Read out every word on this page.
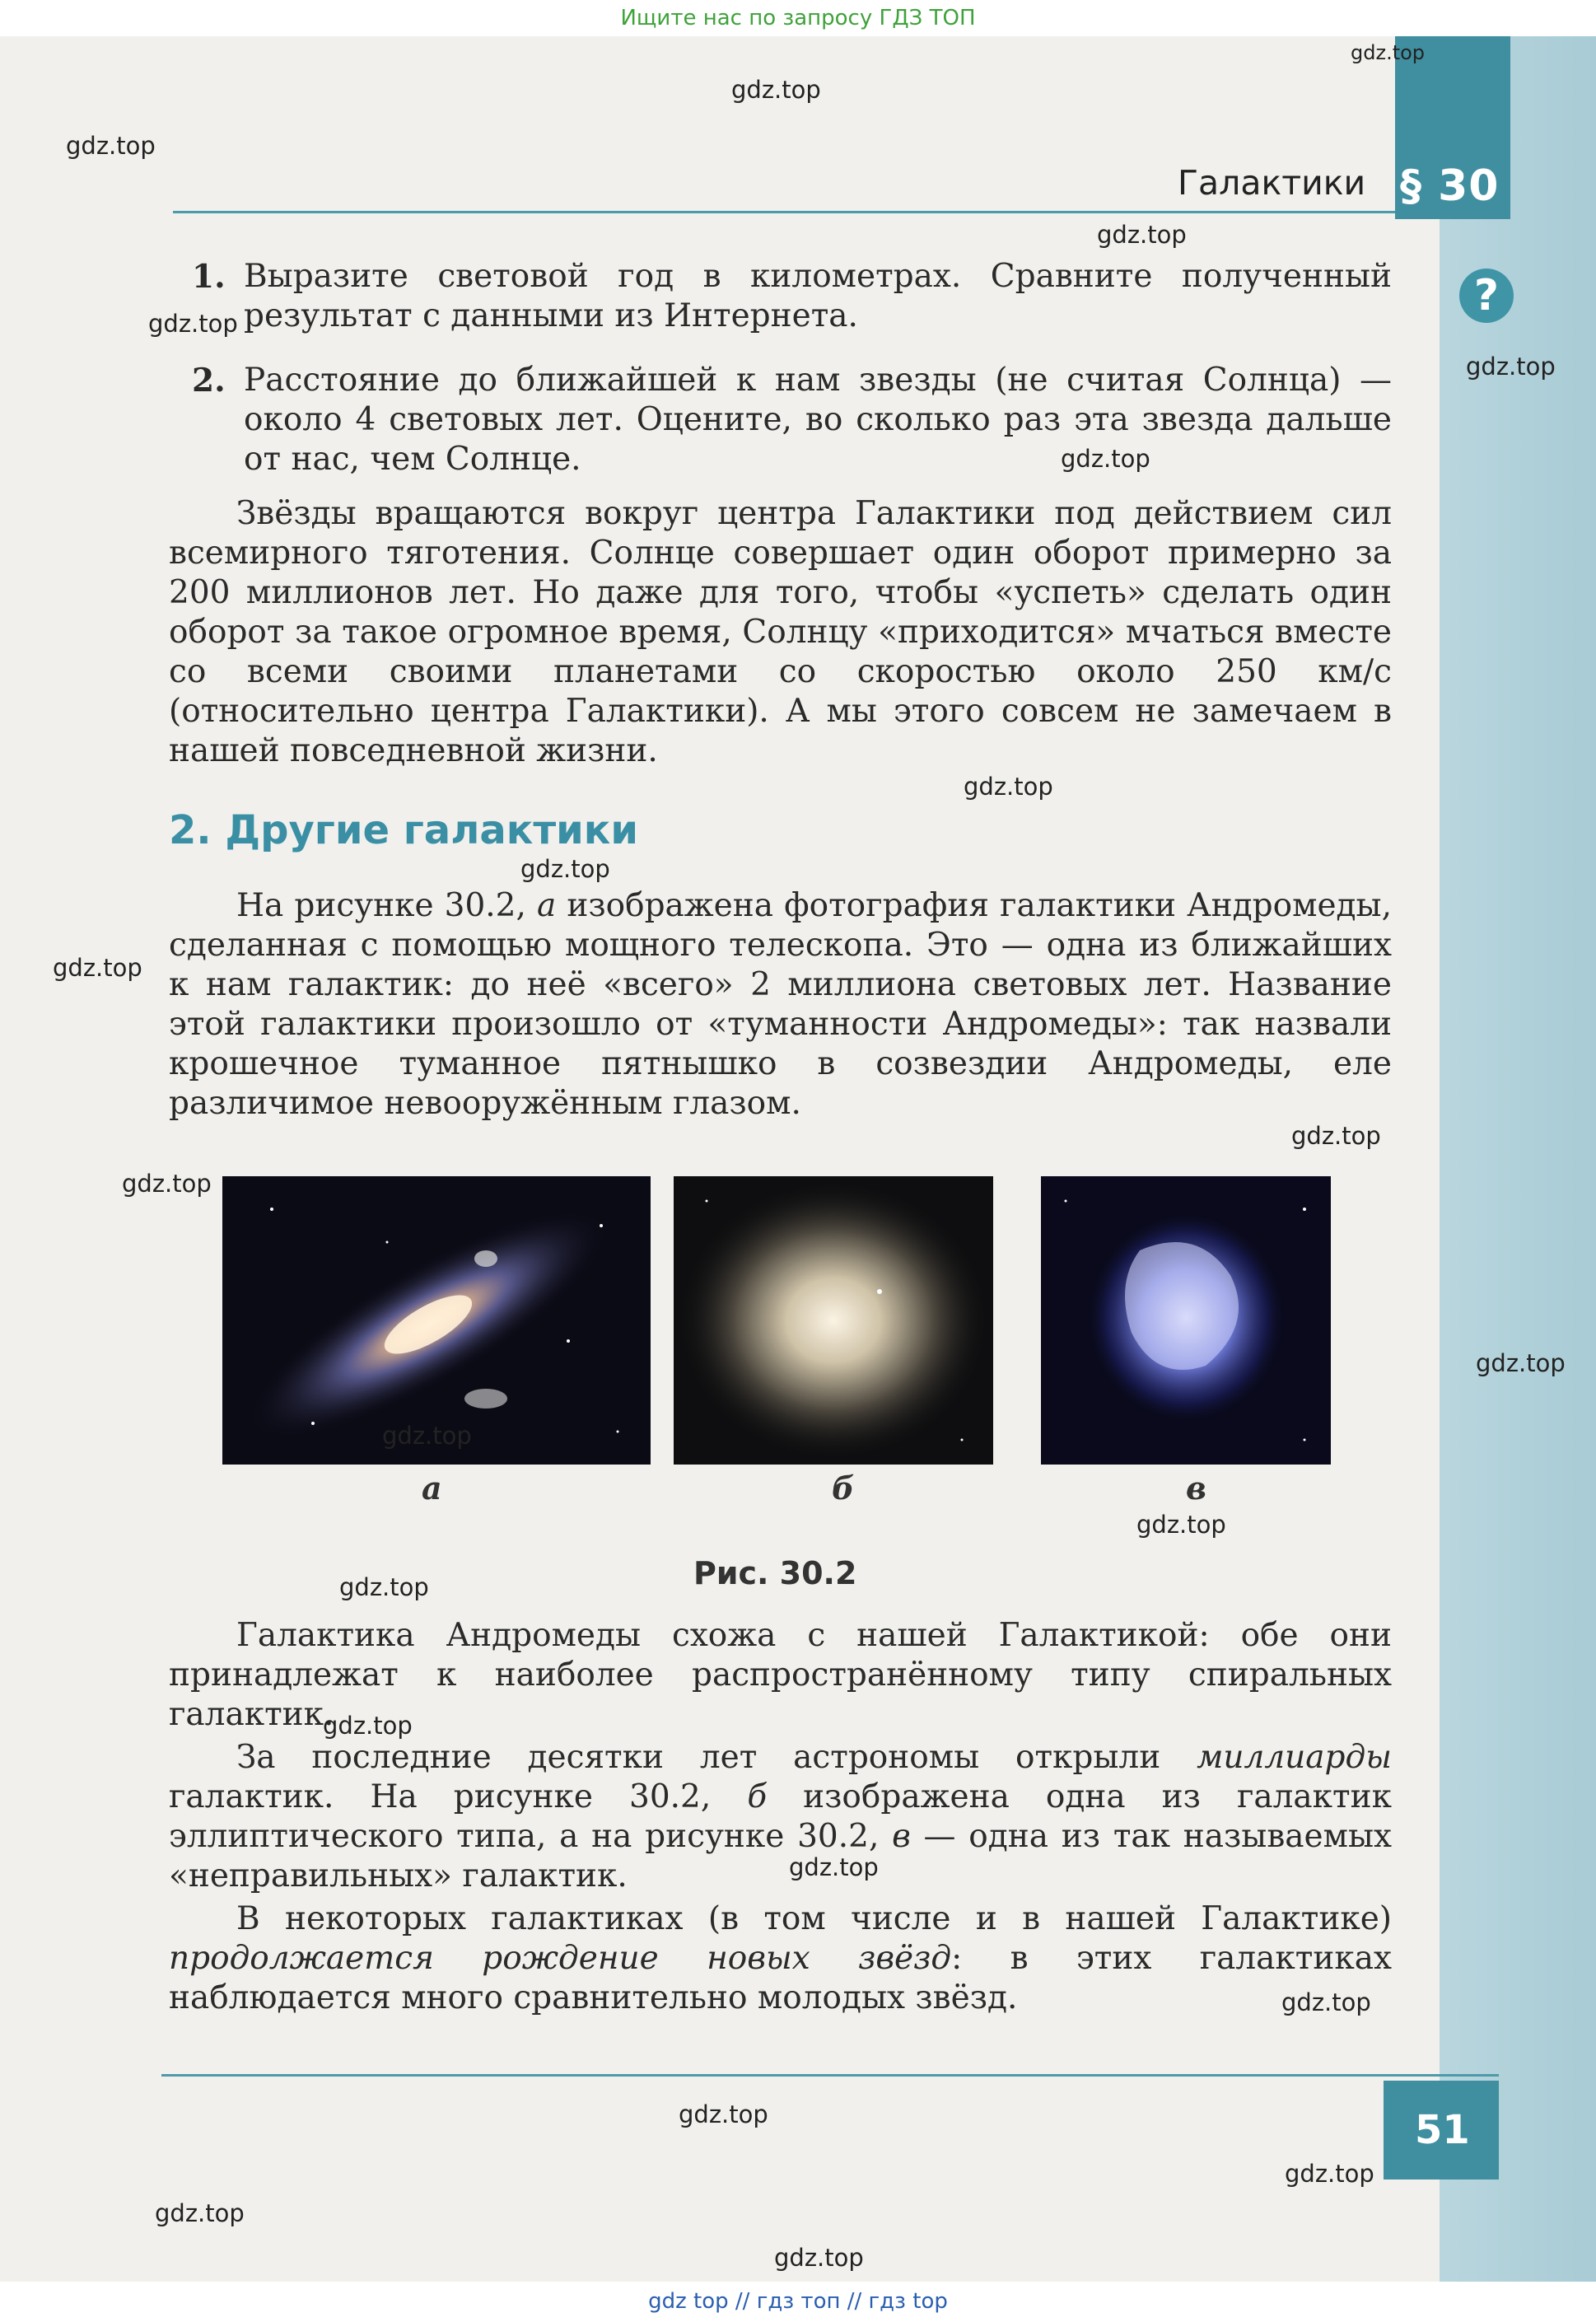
Ищите нас по запросу ГДЗ ТОП
§ 30
Галактики
?
1. Выразите световой год в километрах. Сравните полученный результат с данными из Интернета.
2. Расстояние до ближайшей к нам звезды (не считая Солнца) — около 4 световых лет. Оцените, во сколько раз эта звезда дальше от нас, чем Солнце.

Звёзды вращаются вокруг центра Галактики под действием сил всемирного тяготения. Солнце совершает один оборот примерно за 200 миллионов лет. Но даже для того, чтобы «успеть» сделать один оборот за такое огромное время, Солнцу «приходится» мчаться вместе со всеми своими планетами со скоростью около 250 км/с (относительно центра Галактики). А мы этого совсем не замечаем в нашей повседневной жизни.

2. Другие галактики

На рисунке 30.2, а изображена фотография галактики Андромеды, сделанная с помощью мощного телескопа. Это — одна из ближайших к нам галактик: до неё «всего» 2 миллиона световых лет. Название этой галактики произошло от «туманности Андромеды»: так назвали крошечное туманное пятнышко в созвездии Андромеды, еле различимое невооружённым глазом.

а	б	в
Рис. 30.2

Галактика Андромеды схожа с нашей Галактикой: обе они принадлежат к наиболее распространённому типу спиральных галактик.

За последние десятки лет астрономы открыли миллиарды галактик. На рисунке 30.2, б изображена одна из галактик эллиптического типа, а на рисунке 30.2, в — одна из так называемых «неправильных» галактик.

В некоторых галактиках (в том числе и в нашей Галактике) продолжается рождение новых звёзд: в этих галактиках наблюдается много сравнительно молодых звёзд.

51
gdz.top
gdz.top
gdz.top
gdz.top
gdz.top
gdz.top
gdz.top
gdz.top
gdz.top
gdz.top
gdz.top
gdz.top
gdz.top
gdz.top
gdz.top
gdz.top
gdz.top
gdz.top
gdz.top
gdz.top
gdz.top
gdz.top
gdz.top
gdz top // гдз топ // гдз top
